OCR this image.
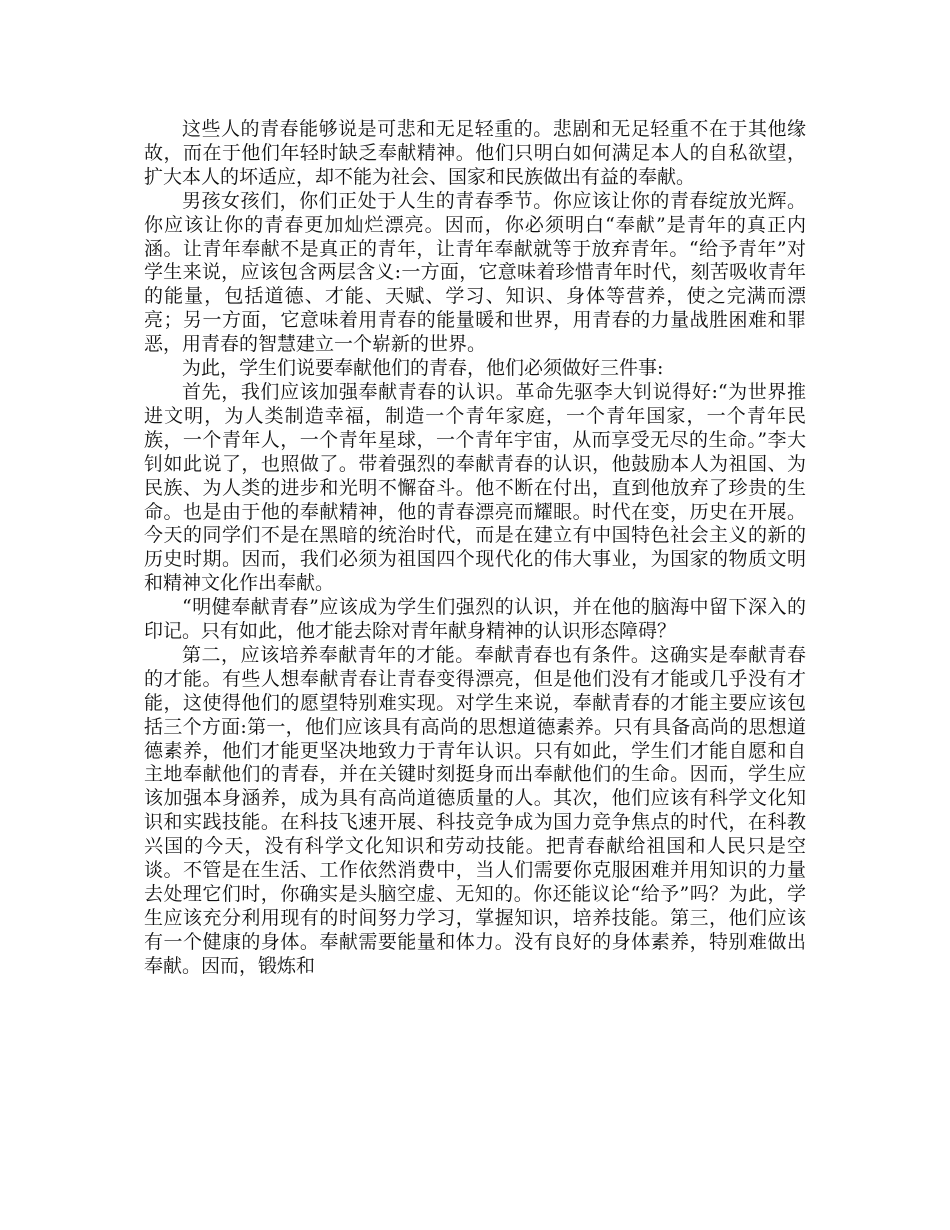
这些人的青春能够说是可悲和无足轻重的。悲剧和无足轻重不在于其他缘故，而在于他们年轻时缺乏奉献精神。他们只明白如何满足本人的自私欲望，扩大本人的坏适应，却不能为社会、国家和民族做出有益的奉献。

男孩女孩们，你们正处于人生的青春季节。你应该让你的青春绽放光辉。你应该让你的青春更加灿烂漂亮。因而，你必须明白“奉献”是青年的真正内涵。让青年奉献不是真正的青年，让青年奉献就等于放弃青年。“给予青年”对学生来说，应该包含两层含义:一方面，它意味着珍惜青年时代，刻苦吸收青年的能量，包括道德、才能、天赋、学习、知识、身体等营养，使之完满而漂亮；另一方面，它意味着用青春的能量暖和世界，用青春的力量战胜困难和罪恶，用青春的智慧建立一个崭新的世界。

为此，学生们说要奉献他们的青春，他们必须做好三件事:

首先，我们应该加强奉献青春的认识。革命先驱李大钊说得好:“为世界推进文明，为人类制造幸福，制造一个青年家庭，一个青年国家，一个青年民族，一个青年人，一个青年星球，一个青年宇宙，从而享受无尽的生命。”李大钊如此说了，也照做了。带着强烈的奉献青春的认识，他鼓励本人为祖国、为民族、为人类的进步和光明不懈奋斗。他不断在付出，直到他放弃了珍贵的生命。也是由于他的奉献精神，他的青春漂亮而耀眼。时代在变，历史在开展。今天的同学们不是在黑暗的统治时代，而是在建立有中国特色社会主义的新的历史时期。因而，我们必须为祖国四个现代化的伟大事业，为国家的物质文明和精神文化作出奉献。

“明健奉献青春”应该成为学生们强烈的认识，并在他的脑海中留下深入的印记。只有如此，他才能去除对青年献身精神的认识形态障碍？

第二，应该培养奉献青年的才能。奉献青春也有条件。这确实是奉献青春的才能。有些人想奉献青春让青春变得漂亮，但是他们没有才能或几乎没有才能，这使得他们的愿望特别难实现。对学生来说，奉献青春的才能主要应该包括三个方面:第一，他们应该具有高尚的思想道德素养。只有具备高尚的思想道德素养，他们才能更坚决地致力于青年认识。只有如此，学生们才能自愿和自主地奉献他们的青春，并在关键时刻挺身而出奉献他们的生命。因而，学生应该加强本身涵养，成为具有高尚道德质量的人。其次，他们应该有科学文化知识和实践技能。在科技飞速开展、科技竞争成为国力竞争焦点的时代，在科教兴国的今天，没有科学文化知识和劳动技能。把青春献给祖国和人民只是空谈。不管是在生活、工作依然消费中，当人们需要你克服困难并用知识的力量去处理它们时，你确实是头脑空虚、无知的。你还能议论“给予”吗？为此，学生应该充分利用现有的时间努力学习，掌握知识，培养技能。第三，他们应该有一个健康的身体。奉献需要能量和体力。没有良好的身体素养，特别难做出奉献。因而，锻炼和
